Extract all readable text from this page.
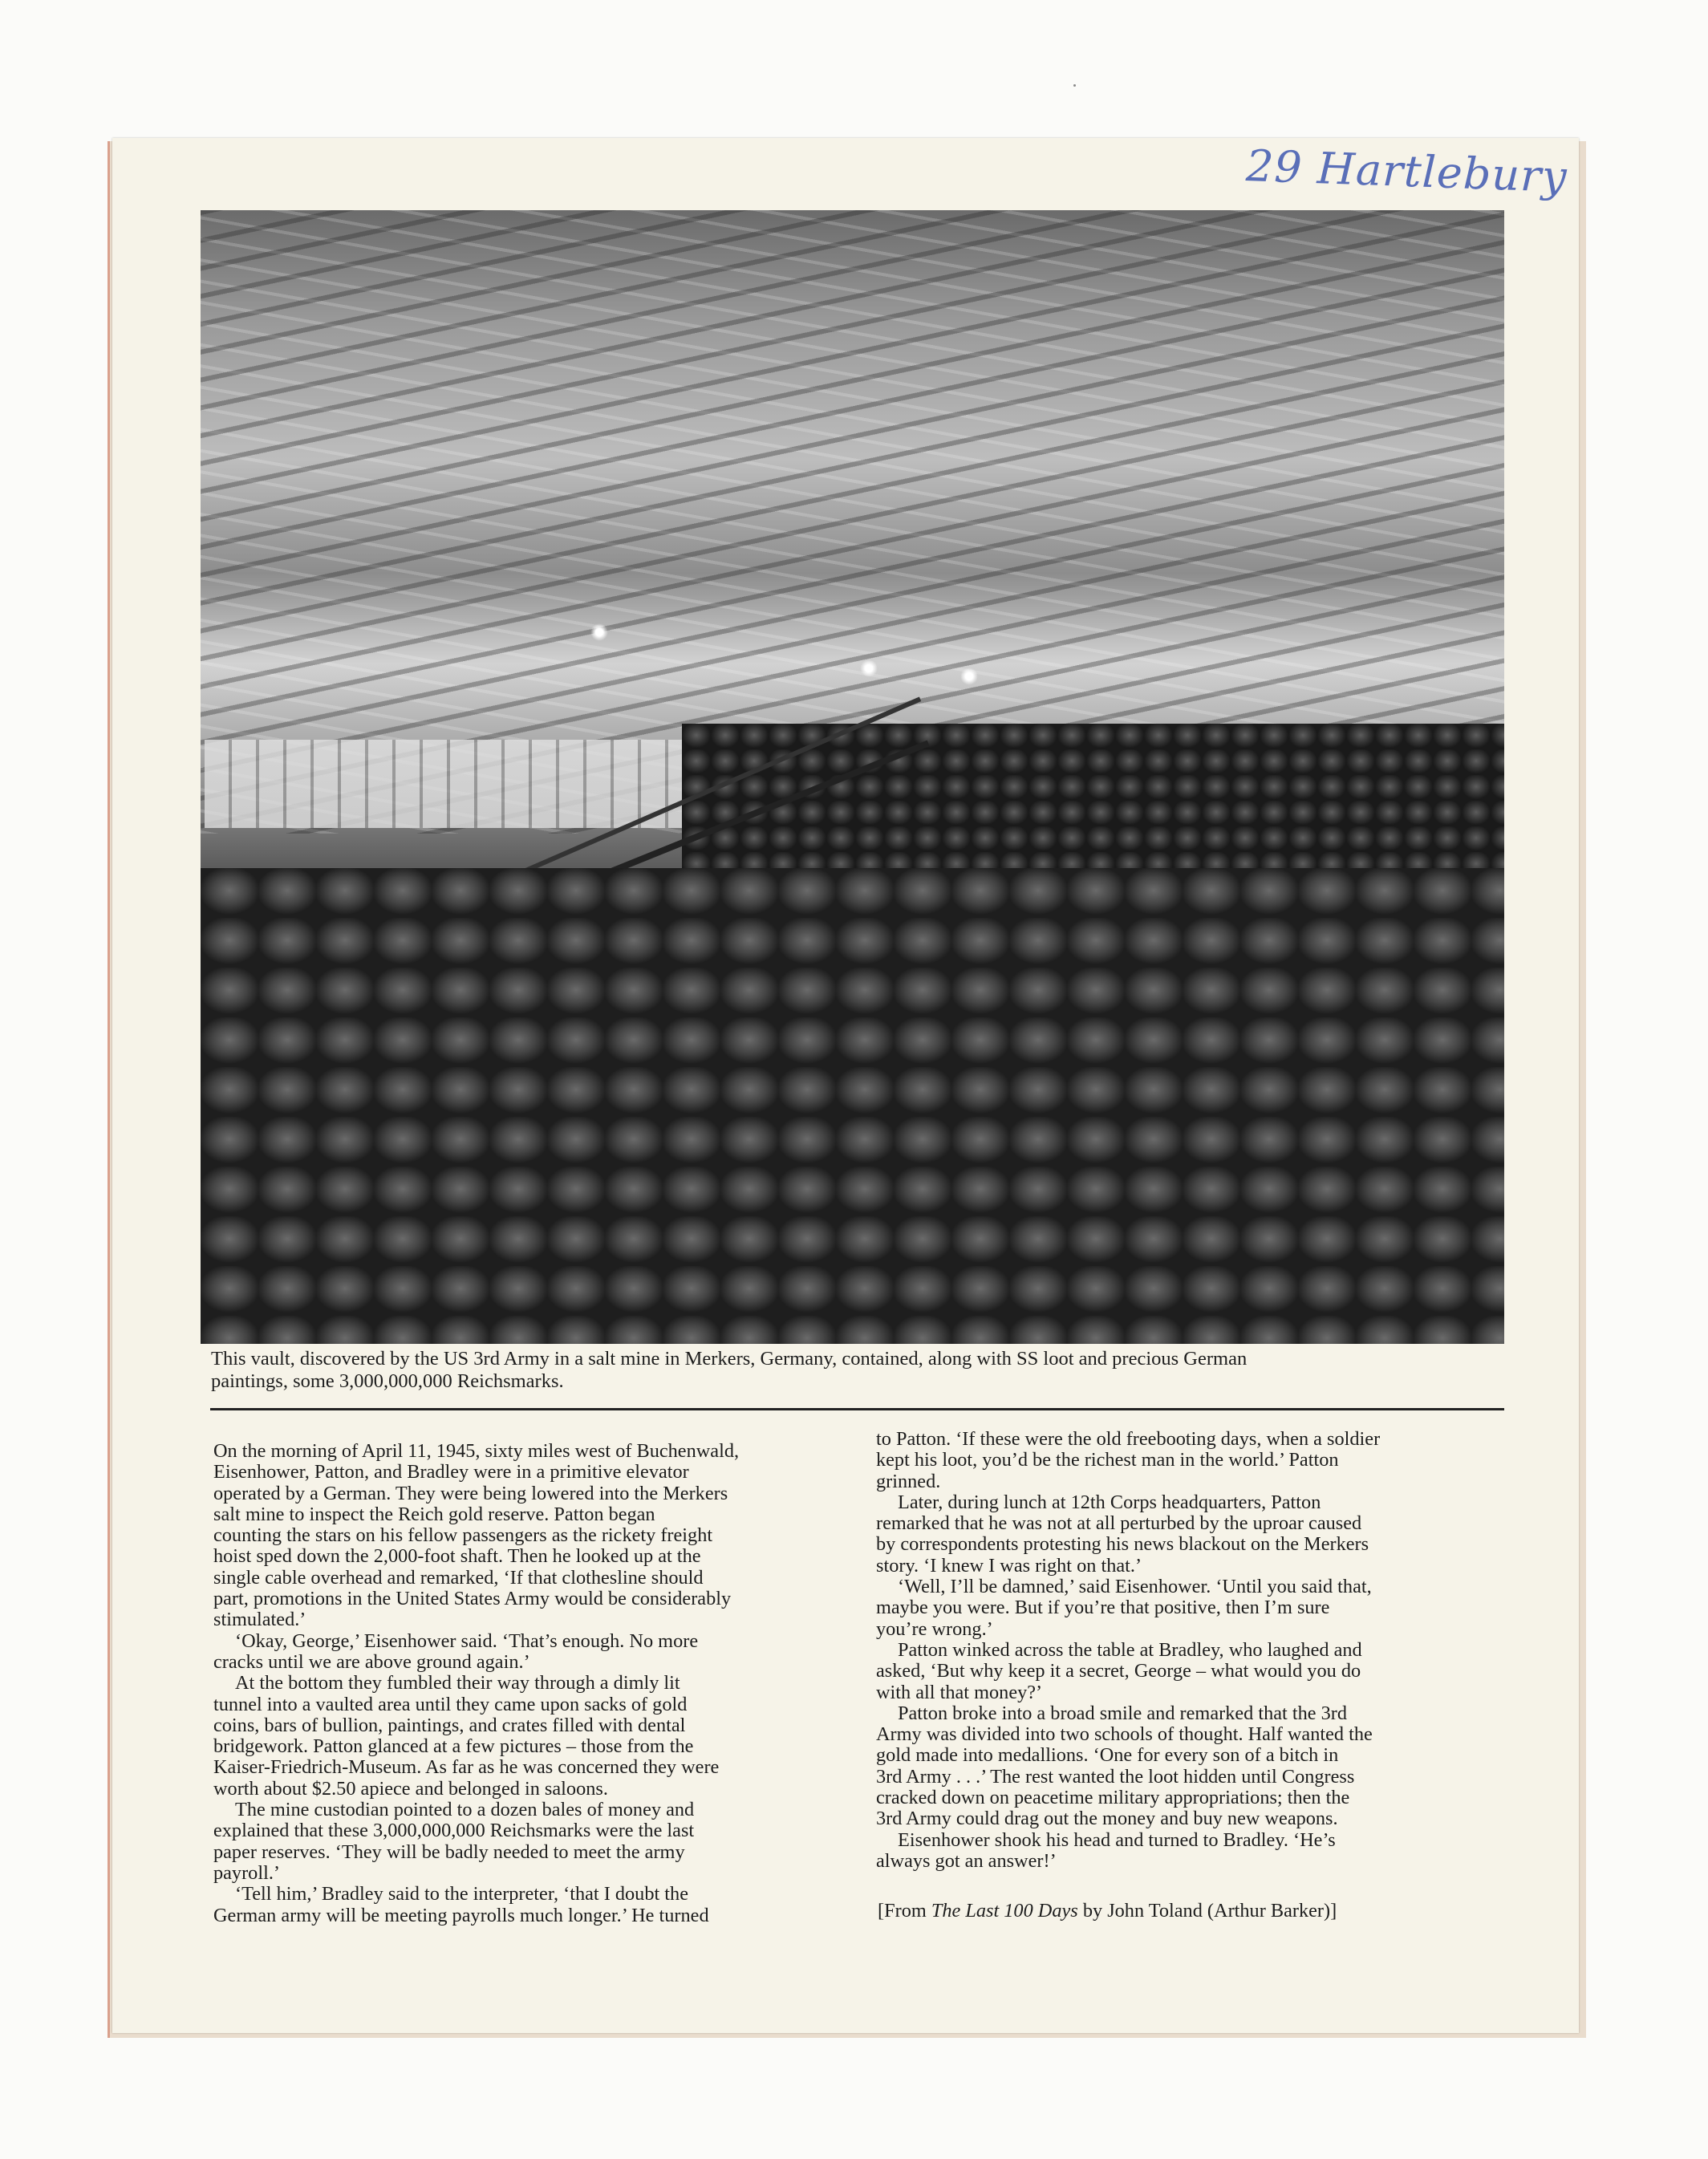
29 Hartlebury
This vault, discovered by the US 3rd Army in a salt mine in Merkers, Germany, contained, along with SS loot and precious German
paintings, some 3,000,000,000 Reichsmarks.
On the morning of April 11, 1945, sixty miles west of Buchenwald,
Eisenhower, Patton, and Bradley were in a primitive elevator
operated by a German. They were being lowered into the Merkers
salt mine to inspect the Reich gold reserve. Patton began
counting the stars on his fellow passengers as the rickety freight
hoist sped down the 2,000-foot shaft. Then he looked up at the
single cable overhead and remarked, ‘If that clothesline should
part, promotions in the United States Army would be considerably
stimulated.’
‘Okay, George,’ Eisenhower said. ‘That’s enough. No more
cracks until we are above ground again.’
At the bottom they fumbled their way through a dimly lit
tunnel into a vaulted area until they came upon sacks of gold
coins, bars of bullion, paintings, and crates filled with dental
bridgework. Patton glanced at a few pictures – those from the
Kaiser-Friedrich-Museum. As far as he was concerned they were
worth about $2.50 apiece and belonged in saloons.
The mine custodian pointed to a dozen bales of money and
explained that these 3,000,000,000 Reichsmarks were the last
paper reserves. ‘They will be badly needed to meet the army
payroll.’
‘Tell him,’ Bradley said to the interpreter, ‘that I doubt the
German army will be meeting payrolls much longer.’ He turned
to Patton. ‘If these were the old freebooting days, when a soldier
kept his loot, you’d be the richest man in the world.’ Patton
grinned.
Later, during lunch at 12th Corps headquarters, Patton
remarked that he was not at all perturbed by the uproar caused
by correspondents protesting his news blackout on the Merkers
story. ‘I knew I was right on that.’
‘Well, I’ll be damned,’ said Eisenhower. ‘Until you said that,
maybe you were. But if you’re that positive, then I’m sure
you’re wrong.’
Patton winked across the table at Bradley, who laughed and
asked, ‘But why keep it a secret, George – what would you do
with all that money?’
Patton broke into a broad smile and remarked that the 3rd
Army was divided into two schools of thought. Half wanted the
gold made into medallions. ‘One for every son of a bitch in
3rd Army . . .’ The rest wanted the loot hidden until Congress
cracked down on peacetime military appropriations; then the
3rd Army could drag out the money and buy new weapons.
Eisenhower shook his head and turned to Bradley. ‘He’s
always got an answer!’
[From The Last 100 Days by John Toland (Arthur Barker)]
